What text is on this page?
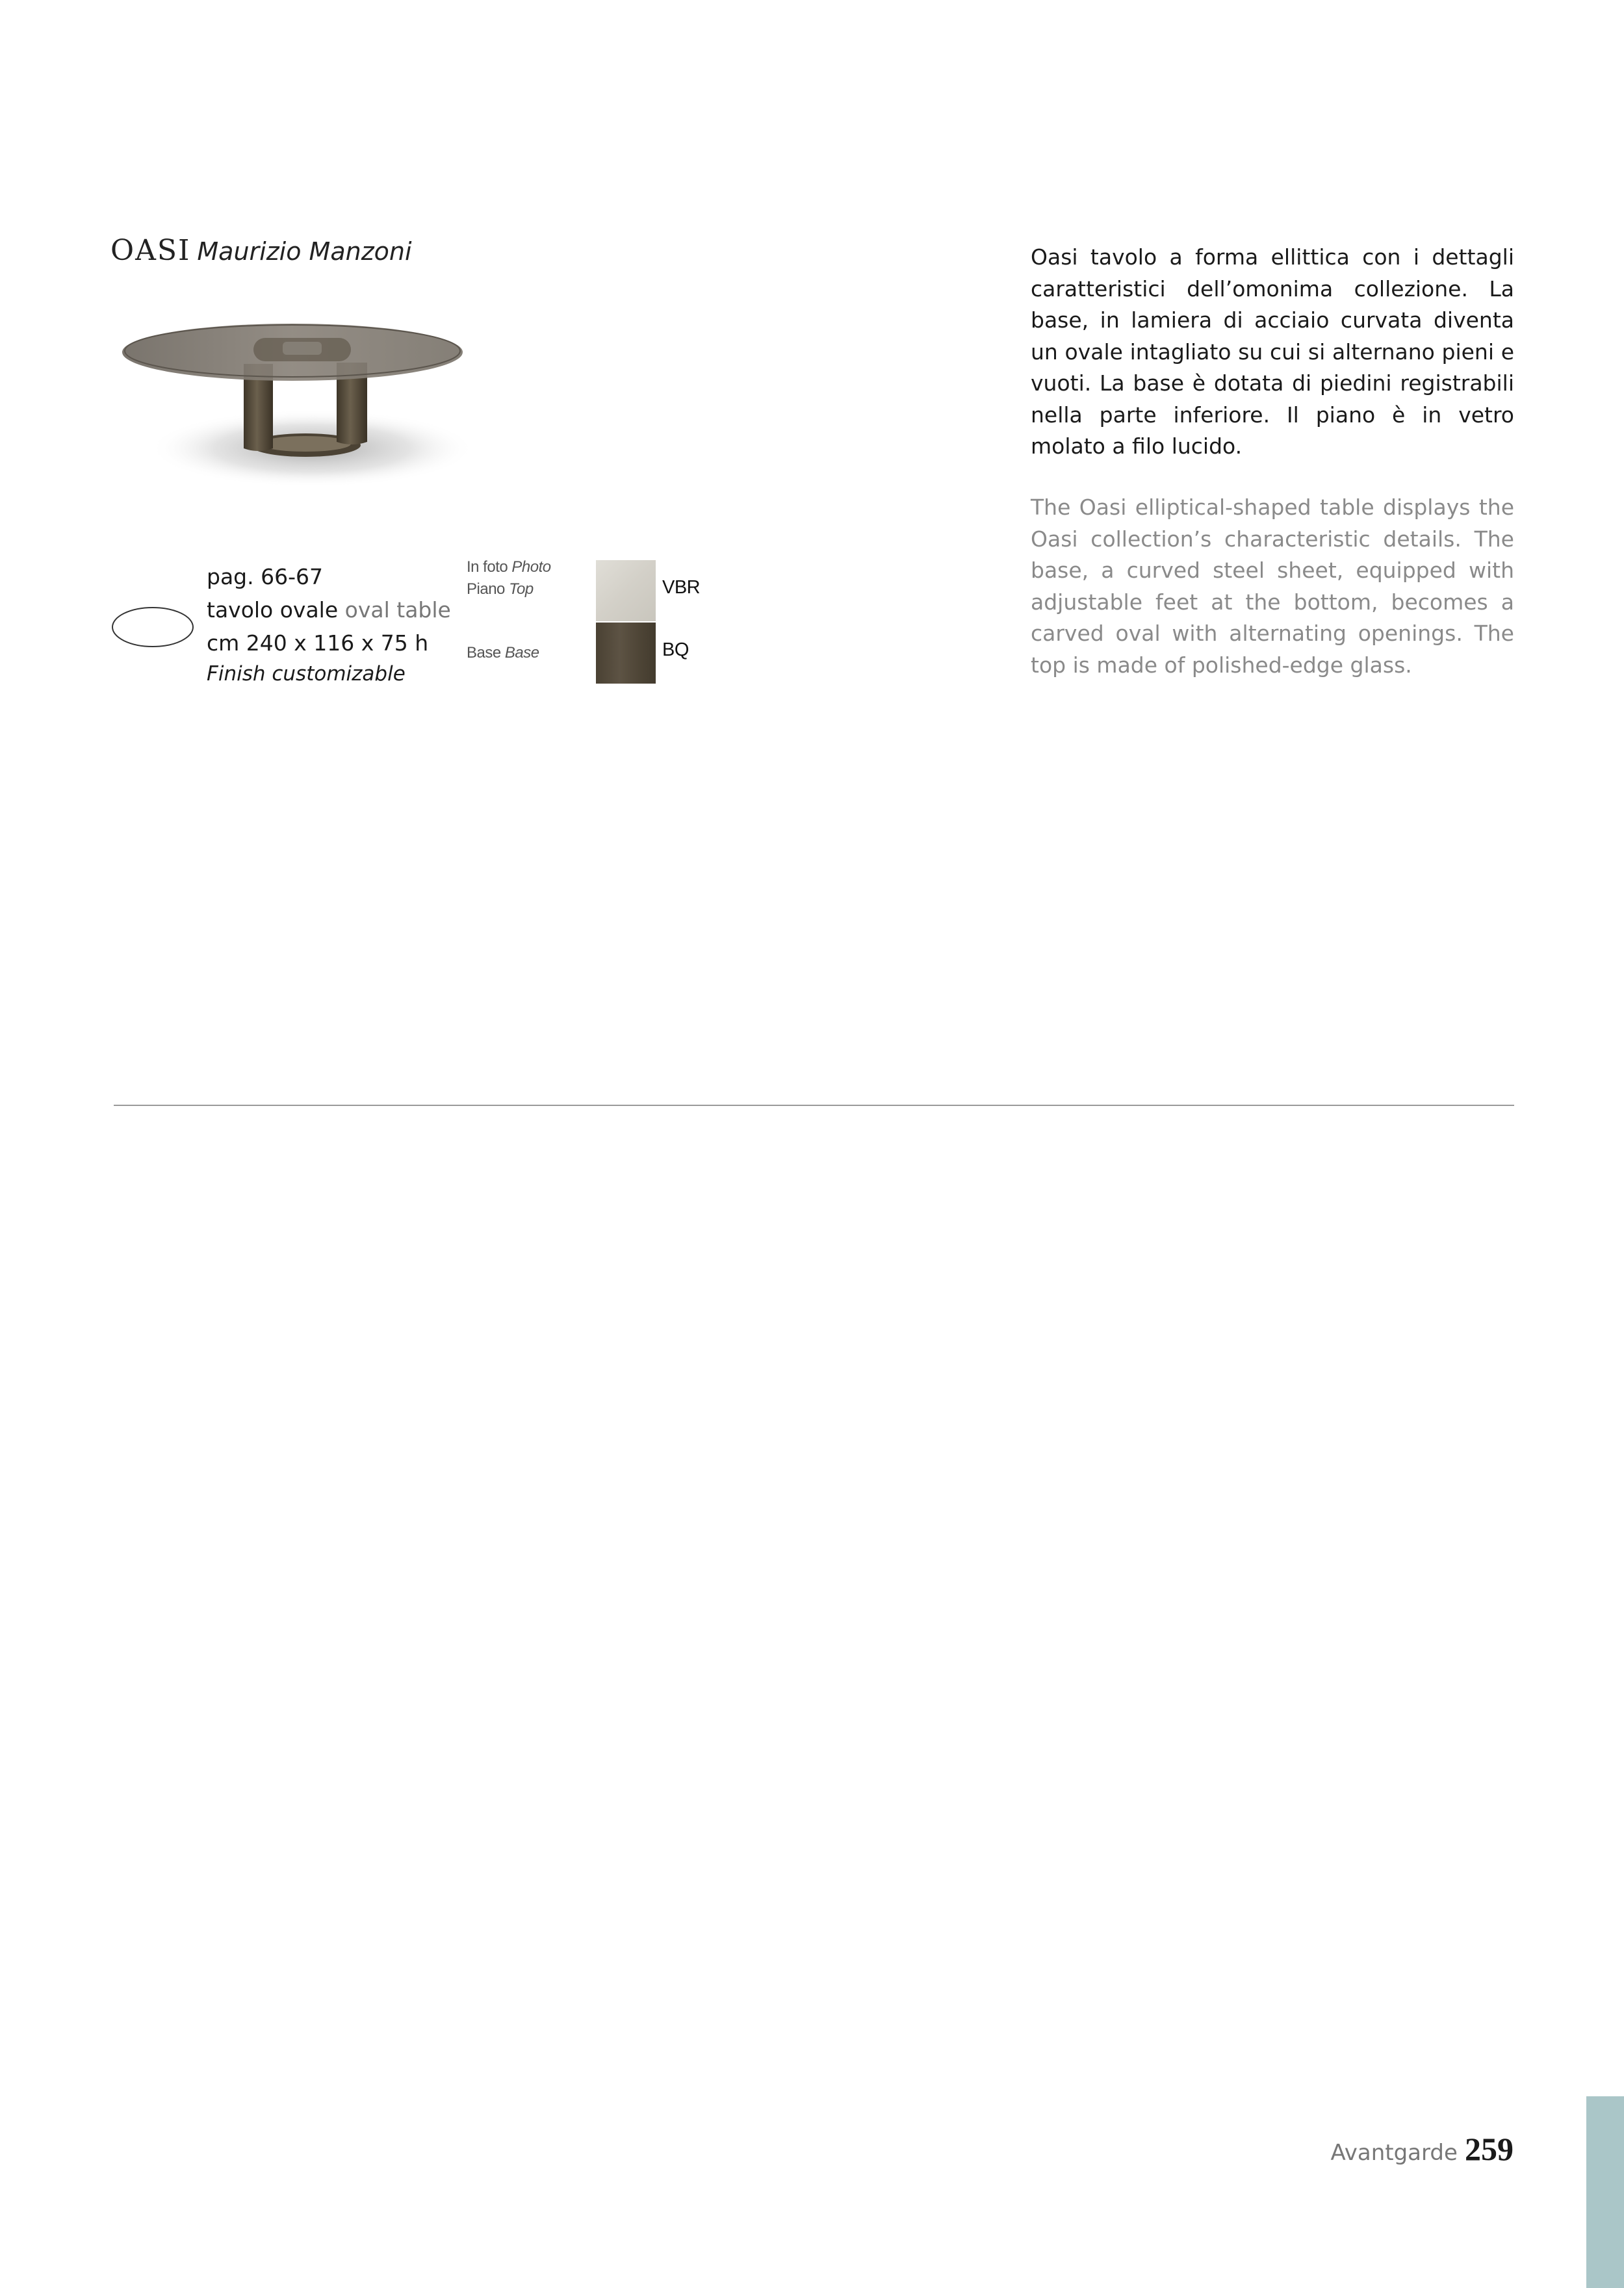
OASI Maurizio Manzoni
pag. 66-67
tavolo ovale oval table
cm 240 x 116 x 75 h
Finish customizable
In foto Photo
Piano Top	VBR
Base Base	BQ
Oasi tavolo a forma ellittica con i dettagli caratteristici dell’omonima collezione. La base, in lamiera di acciaio curvata diventa un ovale intagliato su cui si alternano pieni e vuoti. La base è dotata di piedini registrabili nella parte inferiore. Il piano è in vetro molato a filo lucido.
The Oasi elliptical-shaped table displays the Oasi collection’s characteristic details. The base, a curved steel sheet, equipped with adjustable feet at the bottom, becomes a carved oval with alternating openings. The top is made of polished-edge glass.
Avantgarde 259
